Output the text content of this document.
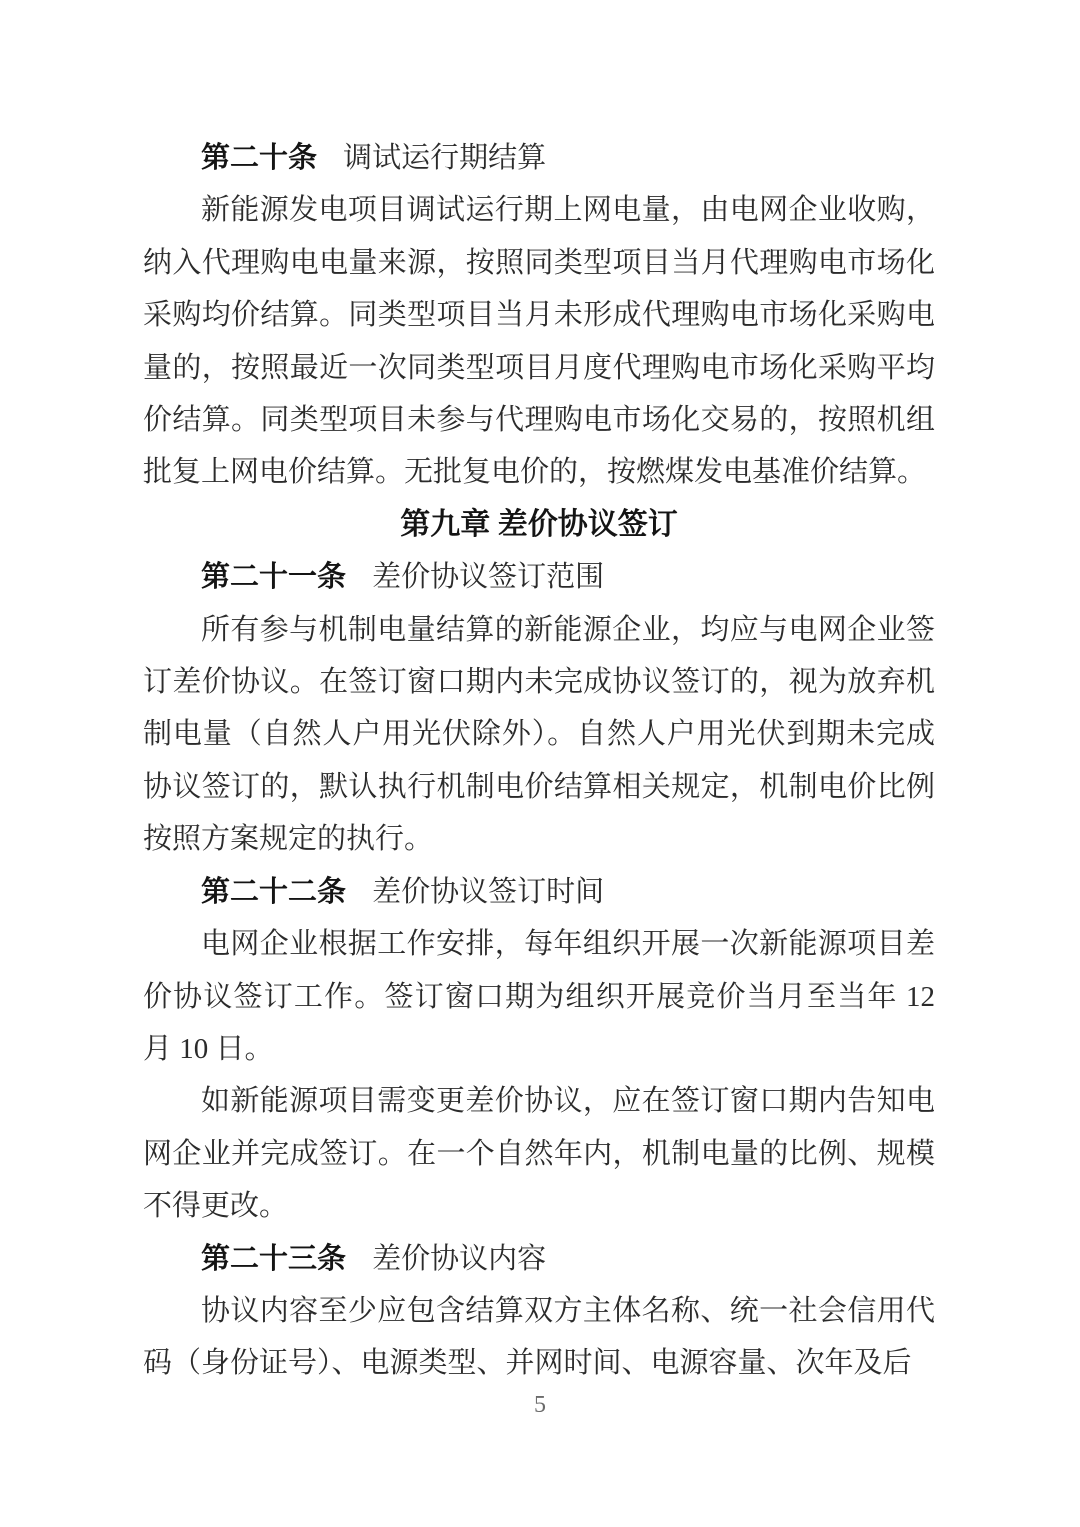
第二十条 调试运行期结算

新能源发电项目调试运行期上网电量，由电网企业收购，纳入代理购电电量来源，按照同类型项目当月代理购电市场化采购均价结算。同类型项目当月未形成代理购电市场化采购电量的，按照最近一次同类型项目月度代理购电市场化采购平均价结算。同类型项目未参与代理购电市场化交易的，按照机组批复上网电价结算。无批复电价的，按燃煤发电基准价结算。

第九章 差价协议签订
第二十一条 差价协议签订范围

所有参与机制电量结算的新能源企业，均应与电网企业签订差价协议。在签订窗口期内未完成协议签订的，视为放弃机制电量（自然人户用光伏除外）。自然人户用光伏到期未完成协议签订的，默认执行机制电价结算相关规定，机制电价比例按照方案规定的执行。

第二十二条 差价协议签订时间

电网企业根据工作安排，每年组织开展一次新能源项目差价协议签订工作。签订窗口期为组织开展竞价当月至当年 12 月 10 日。

如新能源项目需变更差价协议，应在签订窗口期内告知电网企业并完成签订。在一个自然年内，机制电量的比例、规模不得更改。

第二十三条 差价协议内容

协议内容至少应包含结算双方主体名称、统一社会信用代码（身份证号）、电源类型、并网时间、电源容量、次年及后

5
